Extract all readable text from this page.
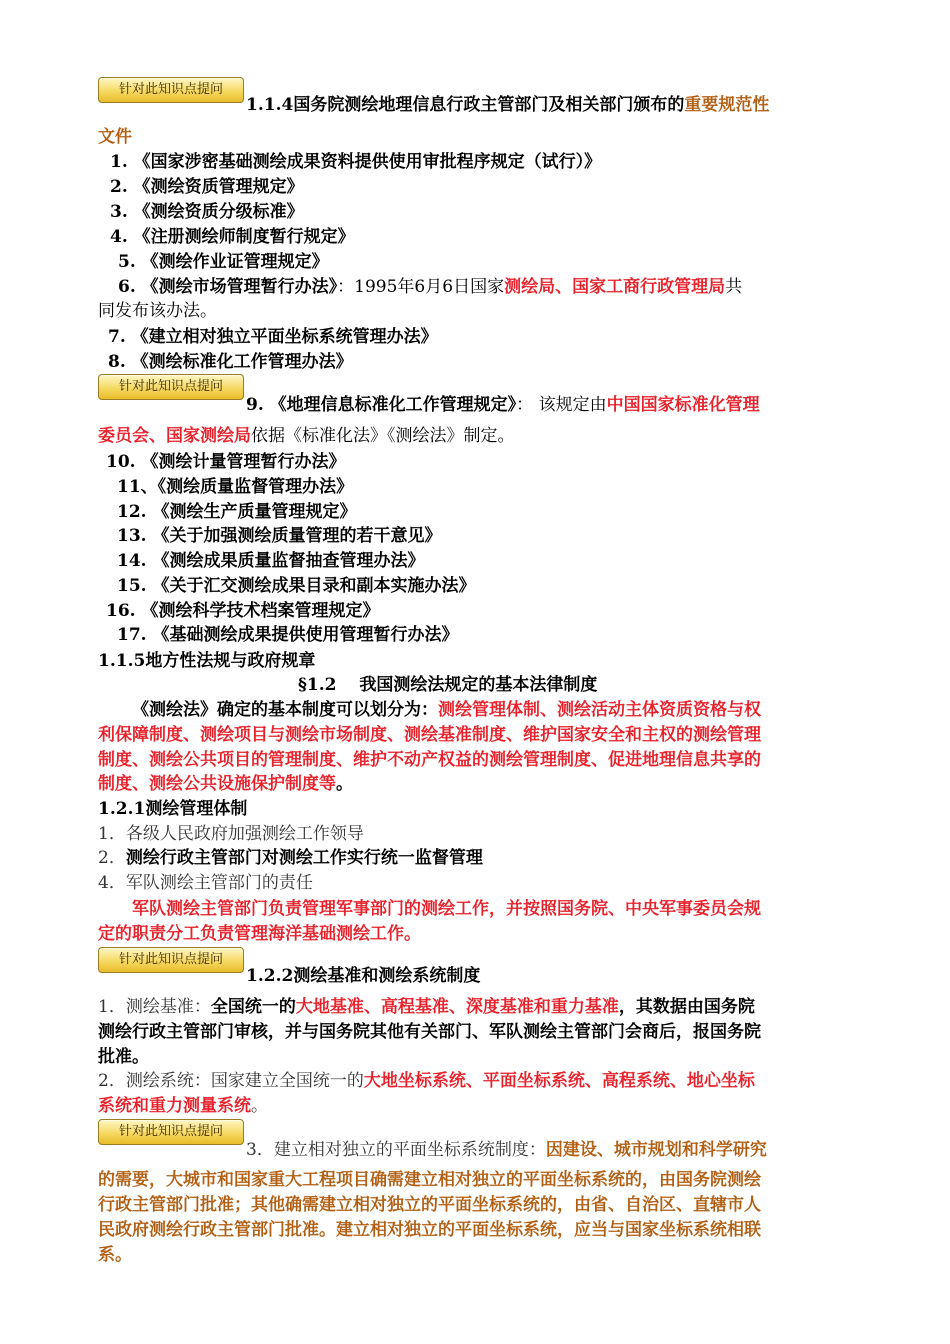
针对此知识点提问

1.1.4国务院测绘地理信息行政主管部门及相关部门颁布的重要规范性

文件

1. 《国家涉密基础测绘成果资料提供使用审批程序规定（试行）》

2. 《测绘资质管理规定》

3. 《测绘资质分级标准》

4. 《注册测绘师制度暂行规定》

5. 《测绘作业证管理规定》

6. 《测绘市场管理暂行办法》：1995年6月6日国家测绘局、国家工商行政管理局共

同发布该办法。

7. 《建立相对独立平面坐标系统管理办法》

8. 《测绘标准化工作管理办法》

针对此知识点提问

9. 《地理信息标准化工作管理规定》： 该规定由中国国家标准化管理

委员会、国家测绘局依据《标准化法》《测绘法》制定。

10. 《测绘计量管理暂行办法》

11、《测绘质量监督管理办法》

12. 《测绘生产质量管理规定》

13. 《关于加强测绘质量管理的若干意见》

14. 《测绘成果质量监督抽查管理办法》

15. 《关于汇交测绘成果目录和副本实施办法》

16. 《测绘科学技术档案管理规定》

17. 《基础测绘成果提供使用管理暂行办法》

1.1.5地方性法规与政府规章

§1.2　 我国测绘法规定的基本法律制度

《测绘法》确定的基本制度可以划分为：测绘管理体制、测绘活动主体资质资格与权

利保障制度、测绘项目与测绘市场制度、测绘基准制度、维护国家安全和主权的测绘管理

制度、测绘公共项目的管理制度、维护不动产权益的测绘管理制度、促进地理信息共享的

制度、测绘公共设施保护制度等。

1.2.1测绘管理体制

1．各级人民政府加强测绘工作领导

2．测绘行政主管部门对测绘工作实行统一监督管理

4．军队测绘主管部门的责任

军队测绘主管部门负责管理军事部门的测绘工作，并按照国务院、中央军事委员会规

定的职责分工负责管理海洋基础测绘工作。

针对此知识点提问

1.2.2测绘基准和测绘系统制度

1．测绘基准：全国统一的大地基准、高程基准、深度基准和重力基准，其数据由国务院

测绘行政主管部门审核，并与国务院其他有关部门、军队测绘主管部门会商后，报国务院

批准。

2．测绘系统：国家建立全国统一的大地坐标系统、平面坐标系统、高程系统、地心坐标

系统和重力测量系统。

针对此知识点提问

3．建立相对独立的平面坐标系统制度：因建设、城市规划和科学研究

的需要，大城市和国家重大工程项目确需建立相对独立的平面坐标系统的，由国务院测绘

行政主管部门批准；其他确需建立相对独立的平面坐标系统的，由省、自治区、直辖市人

民政府测绘行政主管部门批准。建立相对独立的平面坐标系统，应当与国家坐标系统相联

系。
